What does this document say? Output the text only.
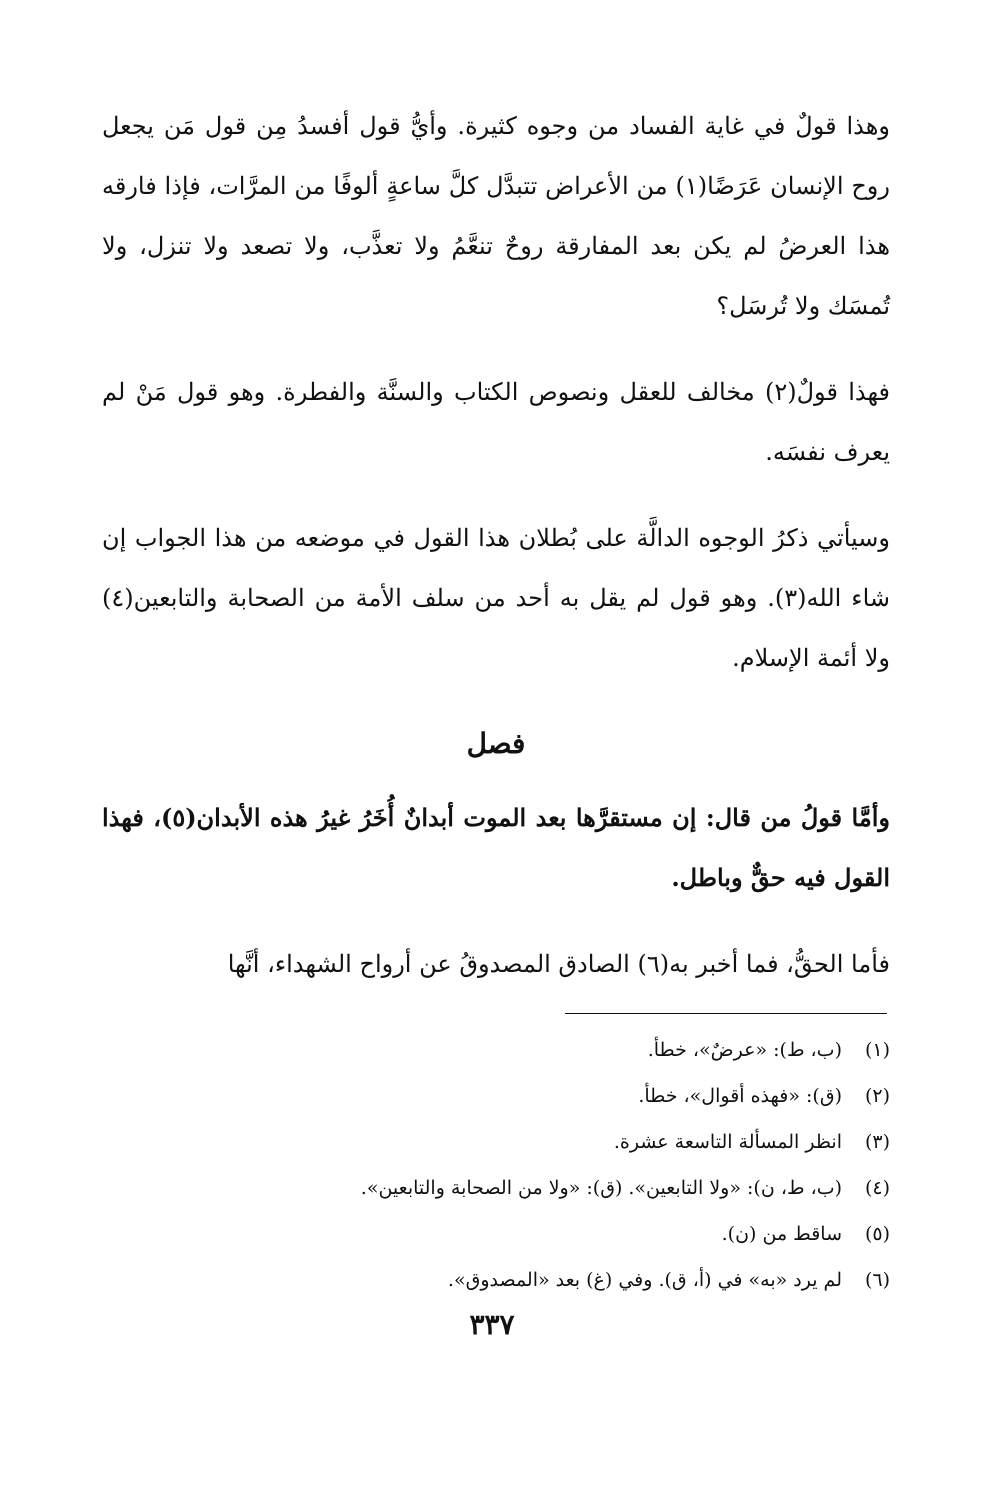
وهذا قولٌ في غاية الفساد من وجوه كثيرة. وأيُّ قول أفسدُ مِن قول مَن يجعل روح الإنسان عَرَضًا(١) من الأعراض تتبدَّل كلَّ ساعةٍ ألوفًا من المرَّات، فإذا فارقه هذا العرضُ لم يكن بعد المفارقة روحٌ تنعَّمُ ولا تعذَّب، ولا تصعد ولا تنزل، ولا تُمسَك ولا تُرسَل؟

فهذا قولٌ(٢) مخالف للعقل ونصوص الكتاب والسنَّة والفطرة. وهو قول مَنْ لم يعرف نفسَه.

وسيأتي ذكرُ الوجوه الدالَّة على بُطلان هذا القول في موضعه من هذا الجواب إن شاء الله(٣). وهو قول لم يقل به أحد من سلف الأمة من الصحابة والتابعين(٤) ولا أئمة الإسلام.

فصل

وأمَّا قولُ من قال: إن مستقرَّها بعد الموت أبدانٌ أُخَرُ غيرُ هذه الأبدان(٥)، فهذا القول فيه حقٌّ وباطل.

فأما الحقُّ، فما أخبر به(٦) الصادق المصدوقُ عن أرواح الشهداء، أنَّها

(١)(ب، ط): «عرضٌ»، خطأ.
(٢)(ق): «فهذه أقوال»، خطأ.
(٣)انظر المسألة التاسعة عشرة.
(٤)(ب، ط، ن): «ولا التابعين». (ق): «ولا من الصحابة والتابعين».
(٥)ساقط من (ن).
(٦)لم يرد «به» في (أ، ق). وفي (غ) بعد «المصدوق».
٣٣٧
